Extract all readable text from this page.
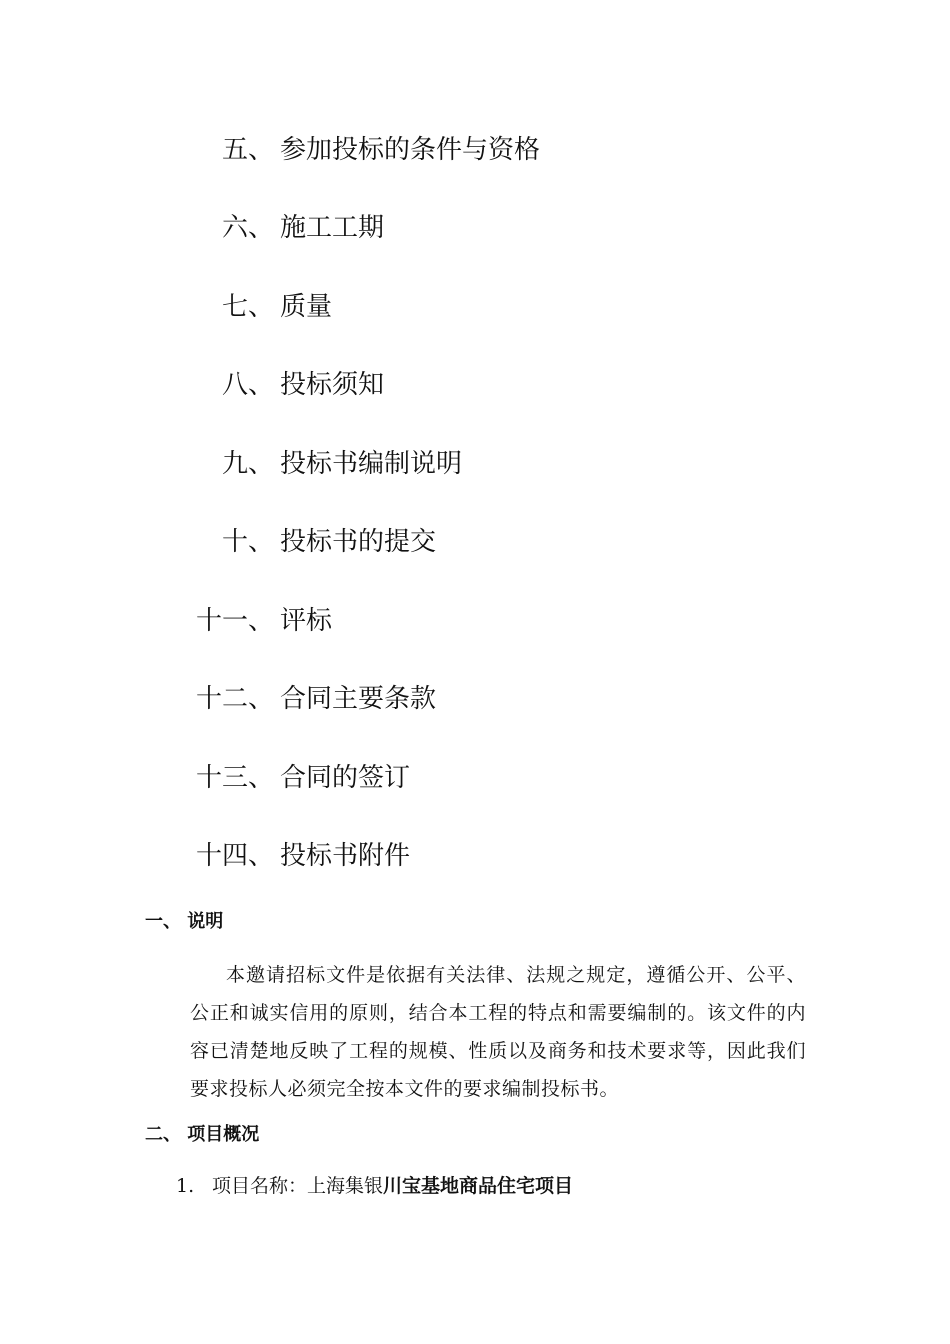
五、 参加投标的条件与资格
六、 施工工期
七、 质量
八、 投标须知
九、 投标书编制说明
十、 投标书的提交
十一、 评标
十二、 合同主要条款
十三、 合同的签订
十四、 投标书附件
一、 说明

本邀请招标文件是依据有关法律、法规之规定，遵循公开、公平、公正和诚实信用的原则，结合本工程的特点和需要编制的。该文件的内容已清楚地反映了工程的规模、性质以及商务和技术要求等，因此我们要求投标人必须完全按本文件的要求编制投标书。

二、 项目概况
1. 项目名称：上海集银川宝基地商品住宅项目
